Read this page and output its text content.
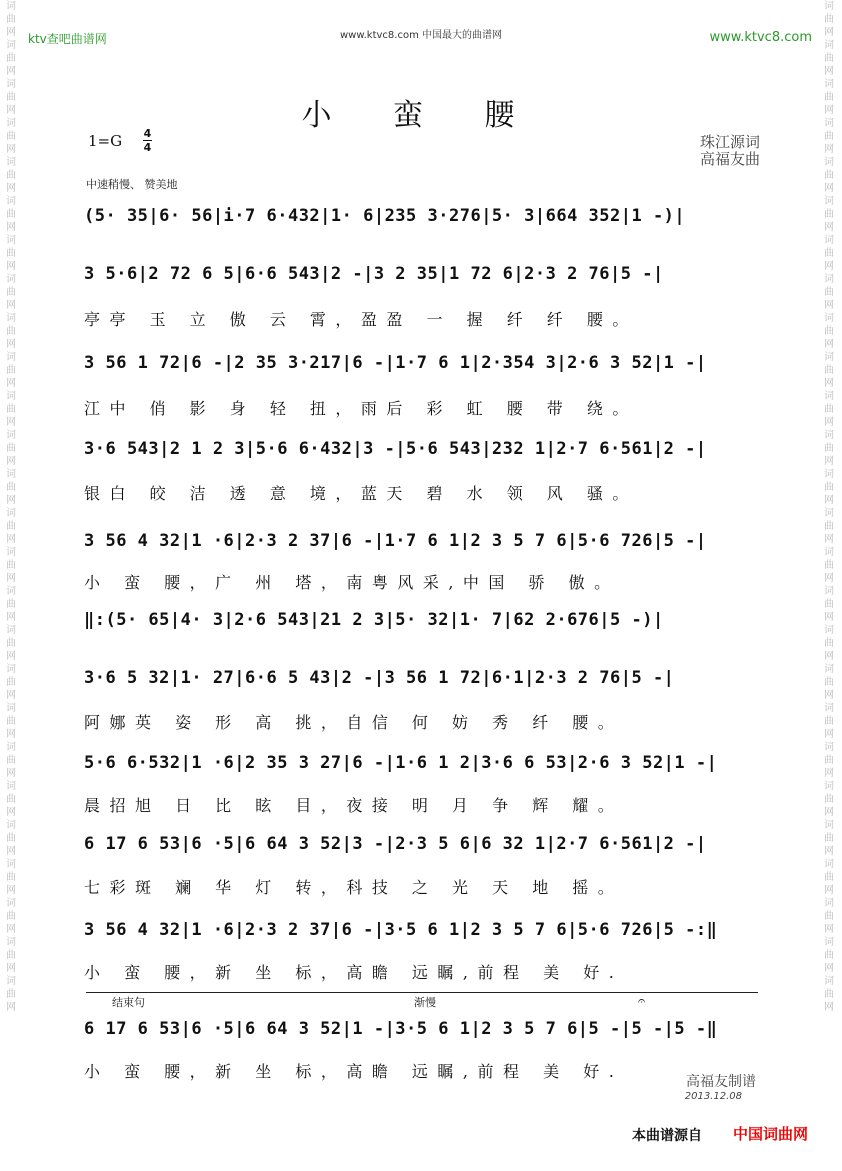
词曲网词曲网词曲网词曲网词曲网词曲网词曲网词曲网词曲网词曲网词曲网词曲网词曲网词曲网词曲网词曲网词曲网词曲网词曲网词曲网词曲网词曲网词曲网词曲网词曲网词曲网
词曲网词曲网词曲网词曲网词曲网词曲网词曲网词曲网词曲网词曲网词曲网词曲网词曲网词曲网词曲网词曲网词曲网词曲网词曲网词曲网词曲网词曲网词曲网词曲网词曲网词曲网
ktv查吧曲谱网	www.ktvc8.com 中国最大的曲谱网	www.ktvc8.com
小 蛮 腰
1=G 4
4	珠江源词
高福友曲
中速稍慢、 赞美地
(5· 35|6· 56|i·7 6·432|1· 6|235 3·276|5· 3|664 352|1 -)|
3 5·6|2 72 6 5|6·6 543|2 -|3 2 35|1 72 6|2·3 2 76|5 -|
亭亭 玉 立 傲 云 霄，盈盈 一 握 纤 纤 腰。
3 56 1 72|6 -|2 35 3·217|6 -|1·7 6 1|2·354 3|2·6 3 52|1 -|
江中 俏 影 身 轻 扭，雨后 彩 虹 腰 带 绕。
3·6 543|2 1 2 3|5·6 6·432|3 -|5·6 543|232 1|2·7 6·561|2 -|
银白 皎 洁 透 意 境，蓝天 碧 水 领 风 骚。
3 56 4 32|1 ·6|2·3 2 37|6 -|1·7 6 1|2 3 5 7 6|5·6 726|5 -|
小 蛮 腰，广 州 塔，南粤风采,中国 骄 傲。
‖:(5· 65|4· 3|2·6 543|21 2 3|5· 32|1· 7|62 2·676|5 -)|
3·6 5 32|1· 27|6·6 5 43|2 -|3 56 1 72|6·1|2·3 2 76|5 -|
阿娜英 姿 形 高 挑，自信 何 妨 秀 纤 腰。
5·6 6·532|1 ·6|2 35 3 27|6 -|1·6 1 2|3·6 6 53|2·6 3 52|1 -|
晨招旭 日 比 眩 目，夜接 明 月 争 辉 耀。
6 17 6 53|6 ·5|6 64 3 52|3 -|2·3 5 6|6 32 1|2·7 6·561|2 -|
七彩斑 斓 华 灯 转，科技 之 光 天 地 摇。
3 56 4 32|1 ·6|2·3 2 37|6 -|3·5 6 1|2 3 5 7 6|5·6 726|5 -:‖
小 蛮 腰，新 坐 标，高瞻 远瞩,前程 美 好.
结束句	渐慢	𝄐
6 17 6 53|6 ·5|6 64 3 52|1 -|3·5 6 1|2 3 5 7 6|5 -|5 -|5 -‖
小 蛮 腰，新 坐 标，高瞻 远瞩,前程 美 好.
高福友制谱
2013.12.08
本曲谱源自 中国词曲网
